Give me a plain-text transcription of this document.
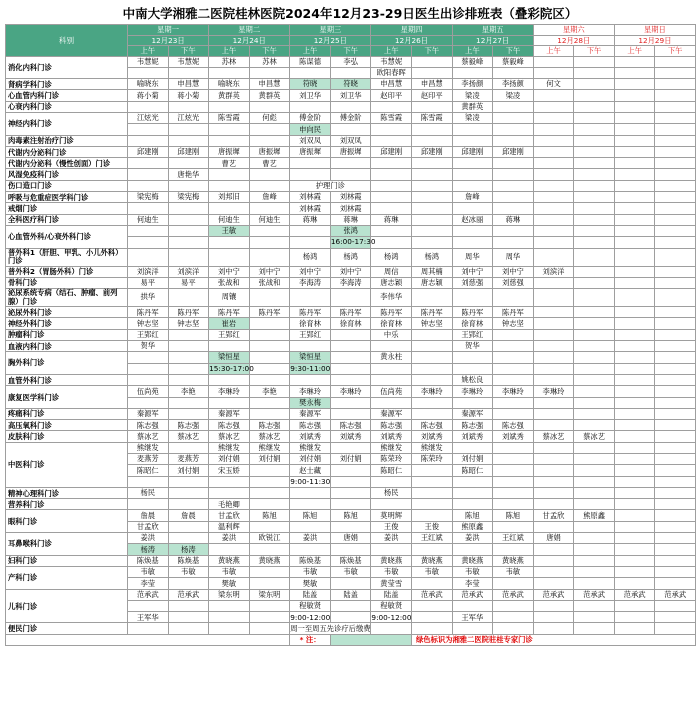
中南大学湘雅二医院桂林医院2024年12月23-29日医生出诊排班表（叠彩院区）
科别	星期一		星期二		星期三		星期四		星期五		星期六		星期日	
	12月23日		12月24日		12月25日		12月26日		12月27日		12月28日		12月29日	
	上午	下午	上午	下午	上午	下午	上午	下午	上午	下午	上午	下午	上午	下午
消化内科门诊	韦慧妮	韦慧妮	苏林	苏林	陈谋德	李弘	韦慧妮		蔡毅峰	蔡毅峰				
							欧阳春晖							
肾病学科门诊	喻晓东	申昌慧	喻晓东	申昌慧	符晓	符晓	申昌慧	申昌慧	李扬颜	李扬颜	何文			
心血管内科门诊	蒋小菊	蒋小菊	黄群英	黄群英	刘卫华	刘卫华	赵印平	赵印平	梁凌	梁凌				
心衰内科门诊									黄群英					
神经内科门诊	江炫光	江炫光	陈雪霞	何彪	傅金阶	傅金阶	陈雪霞	陈雪霞	梁凌					
					申向民									
肉毒素注射治疗门诊					刘双凤	刘双凤								
代谢内分泌科门诊	邱建刚	邱建刚	唐振墀	唐振墀	唐振墀	唐振墀	邱建刚	邱建刚	邱建刚	邱建刚				
代谢内分泌科（慢性创面）门诊			曹艺	曹艺										
风湿免疫科门诊		唐艳华												
伤口造口门诊					护理门诊									
呼吸与危重症医学科门诊	梁宪梅	梁宪梅	刘邦旧	詹峰	刘林霞	刘林霞			詹峰					
戒烟门诊					刘林霞	刘林霞								
全科医疗科门诊	何迪生		何迪生	何迪生	蒋琳	蒋琳	蒋琳		赵冰丽	蒋琳				
心血管外科/心衰外科门诊			王敏			张鸿								
						16:00-17:30								
普外科1（肝胆、甲乳、小儿外科）门诊					杨鸿	杨鸿	杨鸿	杨鸿	周华	周华				
普外科2（胃肠外科）门诊	刘滨洋	刘滨洋	刘中宁	刘中宁	刘中宁	刘中宁	周信	周其楠	刘中宁	刘中宁	刘滨洋			
骨科门诊	易平	易平	张战和	张战和	李海涛	李海涛	唐志颖	唐志颖	刘慈强	刘慈强				
泌尿系统专病（结石、肿瘤、前列腺）门诊	拱华		周镶				李伟华							
泌尿外科门诊	陈丹军	陈丹军	陈丹军	陈丹军	陈丹军	陈丹军	陈丹军	陈丹军	陈丹军	陈丹军				
神经外科门诊	钟志坚	钟志坚	崔岩		徐育林	徐育林	徐育林	钟志坚	徐育林	钟志坚				
肿瘤科门诊	王郢红		王郢红		王郢红		中乐		王郢红					
血液内科门诊	贺华								贺华					
胸外科门诊			梁恒星		梁恒星		黄永柱							
			15:30-17:00		9:30-11:00									
血管外科门诊									姚松良					
康复医学科门诊	伍尚苑	李艳	李琳玲	李艳	李琳玲	李琳玲	伍尚苑	李琳玲	李琳玲	李琳玲	李琳玲			
					樊永梅									
疼痛科门诊	秦源军		秦源军		秦源军		秦源军		秦源军					
高压氧科门诊	陈志强	陈志强	陈志强	陈志强	陈志强	陈志强	陈志强	陈志强	陈志强	陈志强				
皮肤科门诊	蔡冰艺	蔡冰艺	蔡冰艺	蔡冰艺	刘斌秀	刘斌秀	刘斌秀	刘斌秀	刘斌秀	刘斌秀	蔡冰艺	蔡冰艺		
中医科门诊	熊继发		熊继发	熊继发	熊继发		熊继发	熊继发						
	麦燕芳	麦燕芳	刘付娟	刘付娟	刘付娟	刘付娟	陈荣玲	陈荣玲	刘付娟					
	陈昭仁	刘付娟	宋玉娇		赵士藏		陈昭仁		陈昭仁					
					9:00-11:30									
精神心理科门诊	杨民						杨民							
营养科门诊			毛艳卿											
眼科门诊	詹晨	詹晨	甘孟欣	陈旭	陈旭	陈旭	莫明辉		陈旭	陈旭	甘孟欣	熊原鑫		
	甘孟欣		温利辉				王俊	王俊	熊原鑫					
耳鼻喉科门诊	姜洪		姜洪	欧锐江	姜洪	唐娟	姜洪	王红斌	姜洪	王红斌	唐娟			
	杨涛	杨涛												
妇科门诊	陈焕基	陈焕基	黄晓燕	黄晓燕	陈焕基	陈焕基	黄晓燕	黄晓燕	黄晓燕	黄晓燕				
产科门诊	韦敏	韦敏	韦敏		韦敏	韦敏	韦敏	韦敏	韦敏	韦敏				
	李莹		樊敏		樊敏		黄莹雪		李莹					
儿科门诊	范承武	范承武	梁东明	梁东明	陆盖	陆盖	陆盖	范承武	范承武	范承武	范承武	范承武	范承武	范承武
					程敏贤		程敏贤							
	王军华				9:00-12:00		9:00-12:00		王军华					
便民门诊					周一至周五先诊疗后缴费									
					* 注：			绿色标识为湘雅二医院驻桂专家门诊						
